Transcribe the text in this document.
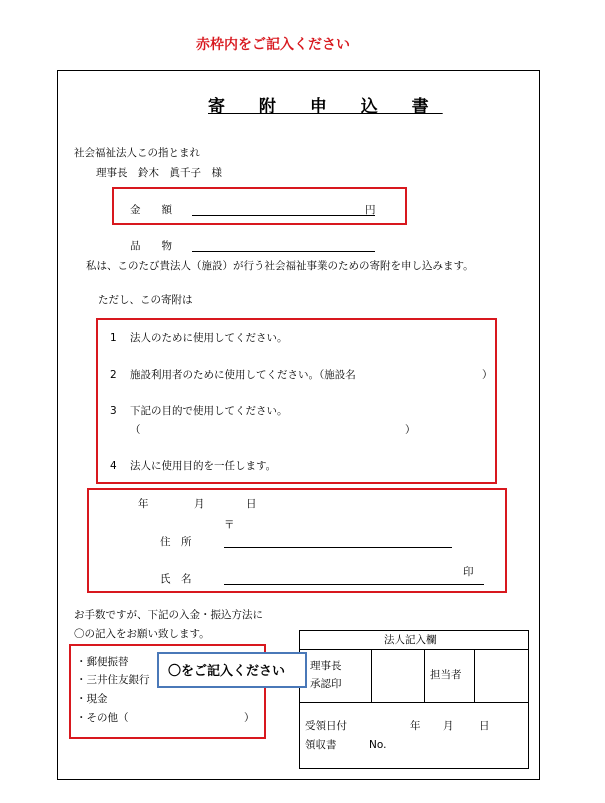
赤枠内をご記入ください
寄 附 申 込 書
社会福祉法人この指とまれ
理事長　鈴木　眞千子　様
金　　額	円
品　　物
私は、このたび貴法人（施設）が行う社会福祉事業のための寄附を申し込みます。
ただし、この寄附は
1 法人のために使用してください。
2 施設利用者のために使用してください。（施設名	）
3 下記の目的で使用してください。
（	）
4 法人に使用目的を一任します。
年	月	日
〒
住　所
氏　名
印
お手数ですが、下記の入金・振込方法に
〇の記入をお願い致します。
・郵便振替
・三井住友銀行
・現金
・その他（	）
法人記入欄
理事長
承認印
担当者
受領日付	年 月 日
領収書	No.
〇をご記入ください
